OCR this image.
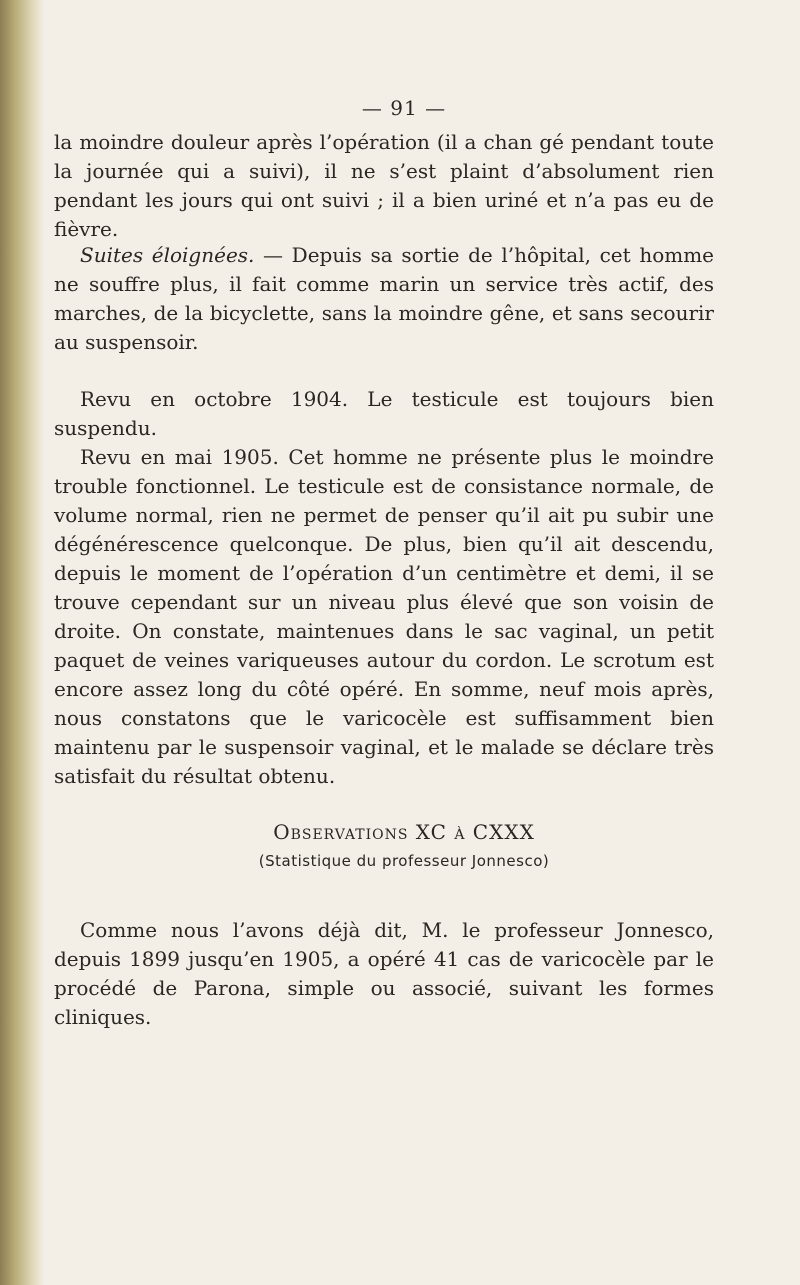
— 91 —

la moindre douleur après l’opération (il a chan gé pendant toute la journée qui a suivi), il ne s’est plaint d’absolument rien pendant les jours qui ont suivi ; il a bien uriné et n’a pas eu de fièvre.

Suites éloignées. — Depuis sa sortie de l’hôpital, cet homme ne souffre plus, il fait comme marin un service très actif, des marches, de la bicyclette, sans la moindre gêne, et sans secourir au suspensoir.

Revu en octobre 1904. Le testicule est toujours bien suspendu.

Revu en mai 1905. Cet homme ne présente plus le moindre trouble fonctionnel. Le testicule est de consistance normale, de volume normal, rien ne permet de penser qu’il ait pu subir une dégénérescence quelconque. De plus, bien qu’il ait descendu, depuis le moment de l’opération d’un centimètre et demi, il se trouve cependant sur un niveau plus élevé que son voisin de droite. On constate, maintenues dans le sac vaginal, un petit paquet de veines variqueuses autour du cordon. Le scrotum est encore assez long du côté opéré. En somme, neuf mois après, nous constatons que le varicocèle est suffisamment bien maintenu par le suspensoir vaginal, et le malade se déclare très satisfait du résultat obtenu.

Observations XC à CXXX
(Statistique du professeur Jonnesco)

Comme nous l’avons déjà dit, M. le professeur Jonnesco, depuis 1899 jusqu’en 1905, a opéré 41 cas de varicocèle par le procédé de Parona, simple ou associé, suivant les formes cliniques.
